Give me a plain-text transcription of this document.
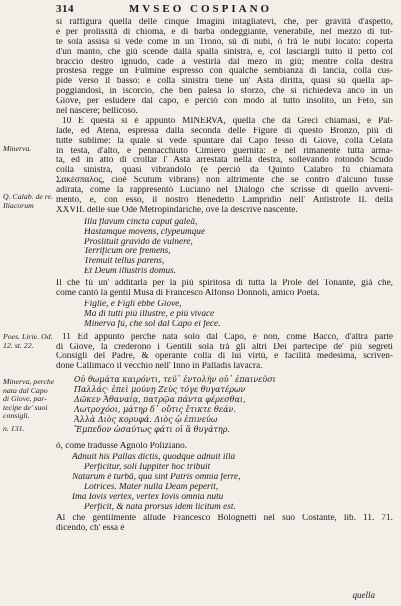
MVSEO COSPIANO
314
Minerva.
Q. Calab. de re. Iliacorum
Poes. Lirie. Od. 12. st. 22.
Minerva, perche nata dal Capo di Giove, par-
tecipe de' suoi consigli.
n. 131.
si raffigura quella delle cinque Imagini intagliatevi, che, per gravità d'aspetto,
e per prolissità di chioma, e di barba ondeggiante, venerabile, nel mezzo di tut-
te sola assisa si vede come in un Trono, sù di nubi, ò frà le nubi locato: coperta
d'un manto, che giù scende dalla spalla sinistra, e, col lasciargli tutto il petto col
braccio destro ignudo, cade a vestirla dal mezo in giù; mentre colla destra
prostesa regge un Fulmine espresso con qualche sembianza di lancia, colla cus-
pide verso il basso: e colla sinistra tiene un' Asta diritta, quasi sù quella ap-
poggiandosi, in iscorcio, che ben palesa lo sforzo, che si richiedeva anco in un
Giove, per esludere dal capo, e perciò con modo al tutto insolito, un Feto, sin
nel nascere; bellicoso.
10 E questa si è appunto MINERVA, quella che da Greci chiamasi, e Pal-
lade, ed Atena, espressa dalla seconda delle Figure di questo Bronzo, più di
tutte sublime: la quale si vede spuntare dal Capo fesso di Giove, colla Celata
in testa, d'alto, e pennacchiuto Cimiero guernita: e nel rimanente tutta arma-
ta, ed in atto di crollar l' Asta arrestata nella destra, sollevando rotondo Scudo
colla sinistra, quasi vibrandolo (e perciò da Quinto Calabro fù chiamata
Σακέσπαλος, cioè Scutum vibrans) non altrimente che se contro d'alcuno fusse
adirata, come la rappresentò Luciano nel Dialogo che scrisse di quello avveni-
mento, e, con esso, il nostro Benedetto Lampridio nell' Antistrofe II. della
XXVII. delle sue Ode Metropindariche, ove la descrive nascente.
Illa flavum cincta caput galeâ,
Hastamque movens, clypeumque
Proslituit gravido de vulnere,
Terrificum ore fremens,
Tremuit tellus parens,
Et Deum illustris domus.
Il che fù un' additarla per la più spiritosa di tutta la Prole del Tonante, già che,
come cantò la gentil Musa di Francesco Alfonso Donnoli, amico Poeta.
Figlie, e Figli ebbe Giove,
Ma di tutti più illustre, e più vivace
Minerva fù, che sol dal Capo ei fece.
11 Ed appunto perche nata solo dal Capo, e non, come Bacco, d'altra parte
di Giove, la crederono i Gentili sola trà gli altri Dei partecipe de' più segreti
Consigli del Padre, & operante colla di lui virtù, e facilità medesima, scriven-
done Callimaco il vecchio nell' Inno in Palladis lavacra.
Οὐ θωμάτα καιρόντι, τεῦ᾽ ἐντολὴν οὐ᾽ ἐπαινεῦσι
Παλλάς· ἐπεὶ μούνῃ Ζεὺς τόγε θυγατέρων
Δῶκεν Ἀθαναίᾳ, πατρῷα πάντα φέρεσθαι,
Λωτροχόοι, μάτηρ δ᾽ οὔτις ἔτικτε θεάν.
Ἀλλὰ Διὸς κορυφά. Διὸς ᾧ ἐπινεύω
Ἔμπεδον ὡσαύτως φάτι οἱ ἃ θυγάτηρ.
ò, come tradusse Agnolo Poliziano.
Adnuit his Pallas dictis, quodque adnuit illa
Perficitur, soli Iuppiter hoc tribuit
Natarum è turbâ, qua sint Patris omnia ferre,
Lotrices. Mater nulla Deam peperit,
Ima Iovis vertex, vertex Iovis omnia nutu
Perficit, & nata prorsus idem licitum est.
Al che gentilmente allude Francesco Bolognetti nel suo Costante, lib. 11. 71.
dicendo, ch' essa è
quella
